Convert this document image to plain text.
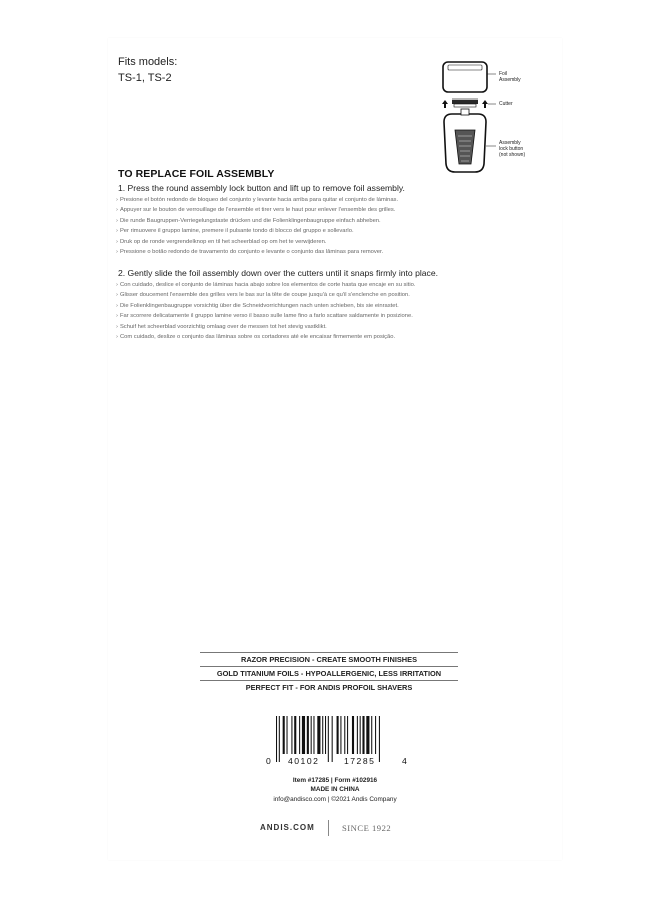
Fits models:
TS-1, TS-2	Foil
Assembly
Cutter
Assembly
lock button
(not shown)
TO REPLACE FOIL ASSEMBLY
1. Press the round assembly lock button and lift up to remove foil assembly.
› Presione el botón redondo de bloqueo del conjunto y levante hacia arriba para quitar el conjunto de láminas.
› Appuyer sur le bouton de verrouillage de l'ensemble et tirer vers le haut pour enlever l'ensemble des grilles.
› Die runde Baugruppen-Verriegelungstaste drücken und die Folienklingenbaugruppe einfach abheben.
› Per rimuovere il gruppo lamine, premere il pulsante tondo di blocco del gruppo e sollevarlo.
› Druk op de ronde vergrendelknop en til het scheerblad op om het te verwijderen.
› Pressione o botão redondo de travamento do conjunto e levante o conjunto das lâminas para remover.
2. Gently slide the foil assembly down over the cutters until it snaps firmly into place.
› Con cuidado, deslice el conjunto de láminas hacia abajo sobre los elementos de corte hasta que encaje en su sitio.
› Glisser doucement l'ensemble des grilles vers le bas sur la tête de coupe jusqu'à ce qu'il s'enclenche en position.
› Die Folienklingenbaugruppe vorsichtig über die Schneidvorrichtungen nach unten schieben, bis sie einrastet.
› Far scorrere delicatamente il gruppo lamine verso il basso sulle lame fino a farlo scattare saldamente in posizione.
› Schuif het scheerblad voorzichtig omlaag over de messen tot het stevig vastklikt.
› Com cuidado, deslize o conjunto das lâminas sobre os cortadores até ele encaixar firmemente em posição.
RAZOR PRECISION - CREATE SMOOTH FINISHES
GOLD TITANIUM FOILS - HYPOALLERGENIC, LESS IRRITATION
PERFECT FIT - FOR ANDIS PROFOIL SHAVERS
0 40102	17285	4
Item #17285 | Form #102916
MADE IN CHINA
info@andisco.com | ©2021 Andis Company
ANDIS.COM	SINCE 1922
